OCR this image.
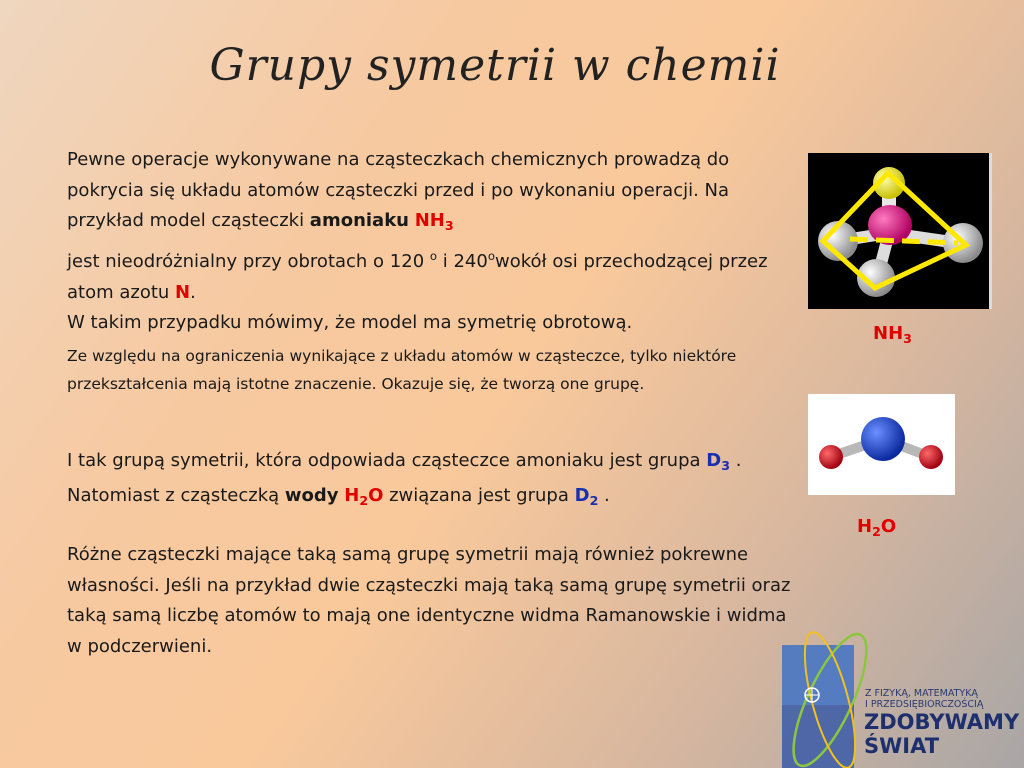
Grupy symetrii w chemii
Pewne operacje wykonywane na cząsteczkach chemicznych prowadzą do pokrycia się układu atomów cząsteczki przed i po wykonaniu operacji. Na przykład model cząsteczki amoniaku $NH_3$
jest nieodróżnialny przy obrotach o 120 $^o$ i 240$^o$wokół osi przechodzącej przez atom azotu N.
W takim przypadku mówimy, że model ma symetrię obrotową.
Ze względu na ograniczenia wynikające z układu atomów w cząsteczce, tylko niektóre przekształcenia mają istotne znaczenie. Okazuje się, że tworzą one grupę.
I tak grupą symetrii, która odpowiada cząsteczce amoniaku jest grupa $D_3$ . Natomiast z cząsteczką wody $H_2O$ związana jest grupa $D_2$ .
Różne cząsteczki mające taką samą grupę symetrii mają również pokrewne własności. Jeśli na przykład dwie cząsteczki mają taką samą grupę symetrii oraz taką samą liczbę atomów to mają one identyczne widma Ramanowskie i widma w podczerwieni.
$NH_3$
$H_2O$
Z FIZYKĄ, MATEMATYKĄ
I PRZEDSIĘBIORCZOŚCIĄ
ZDOBYWAMY
ŚWIAT
